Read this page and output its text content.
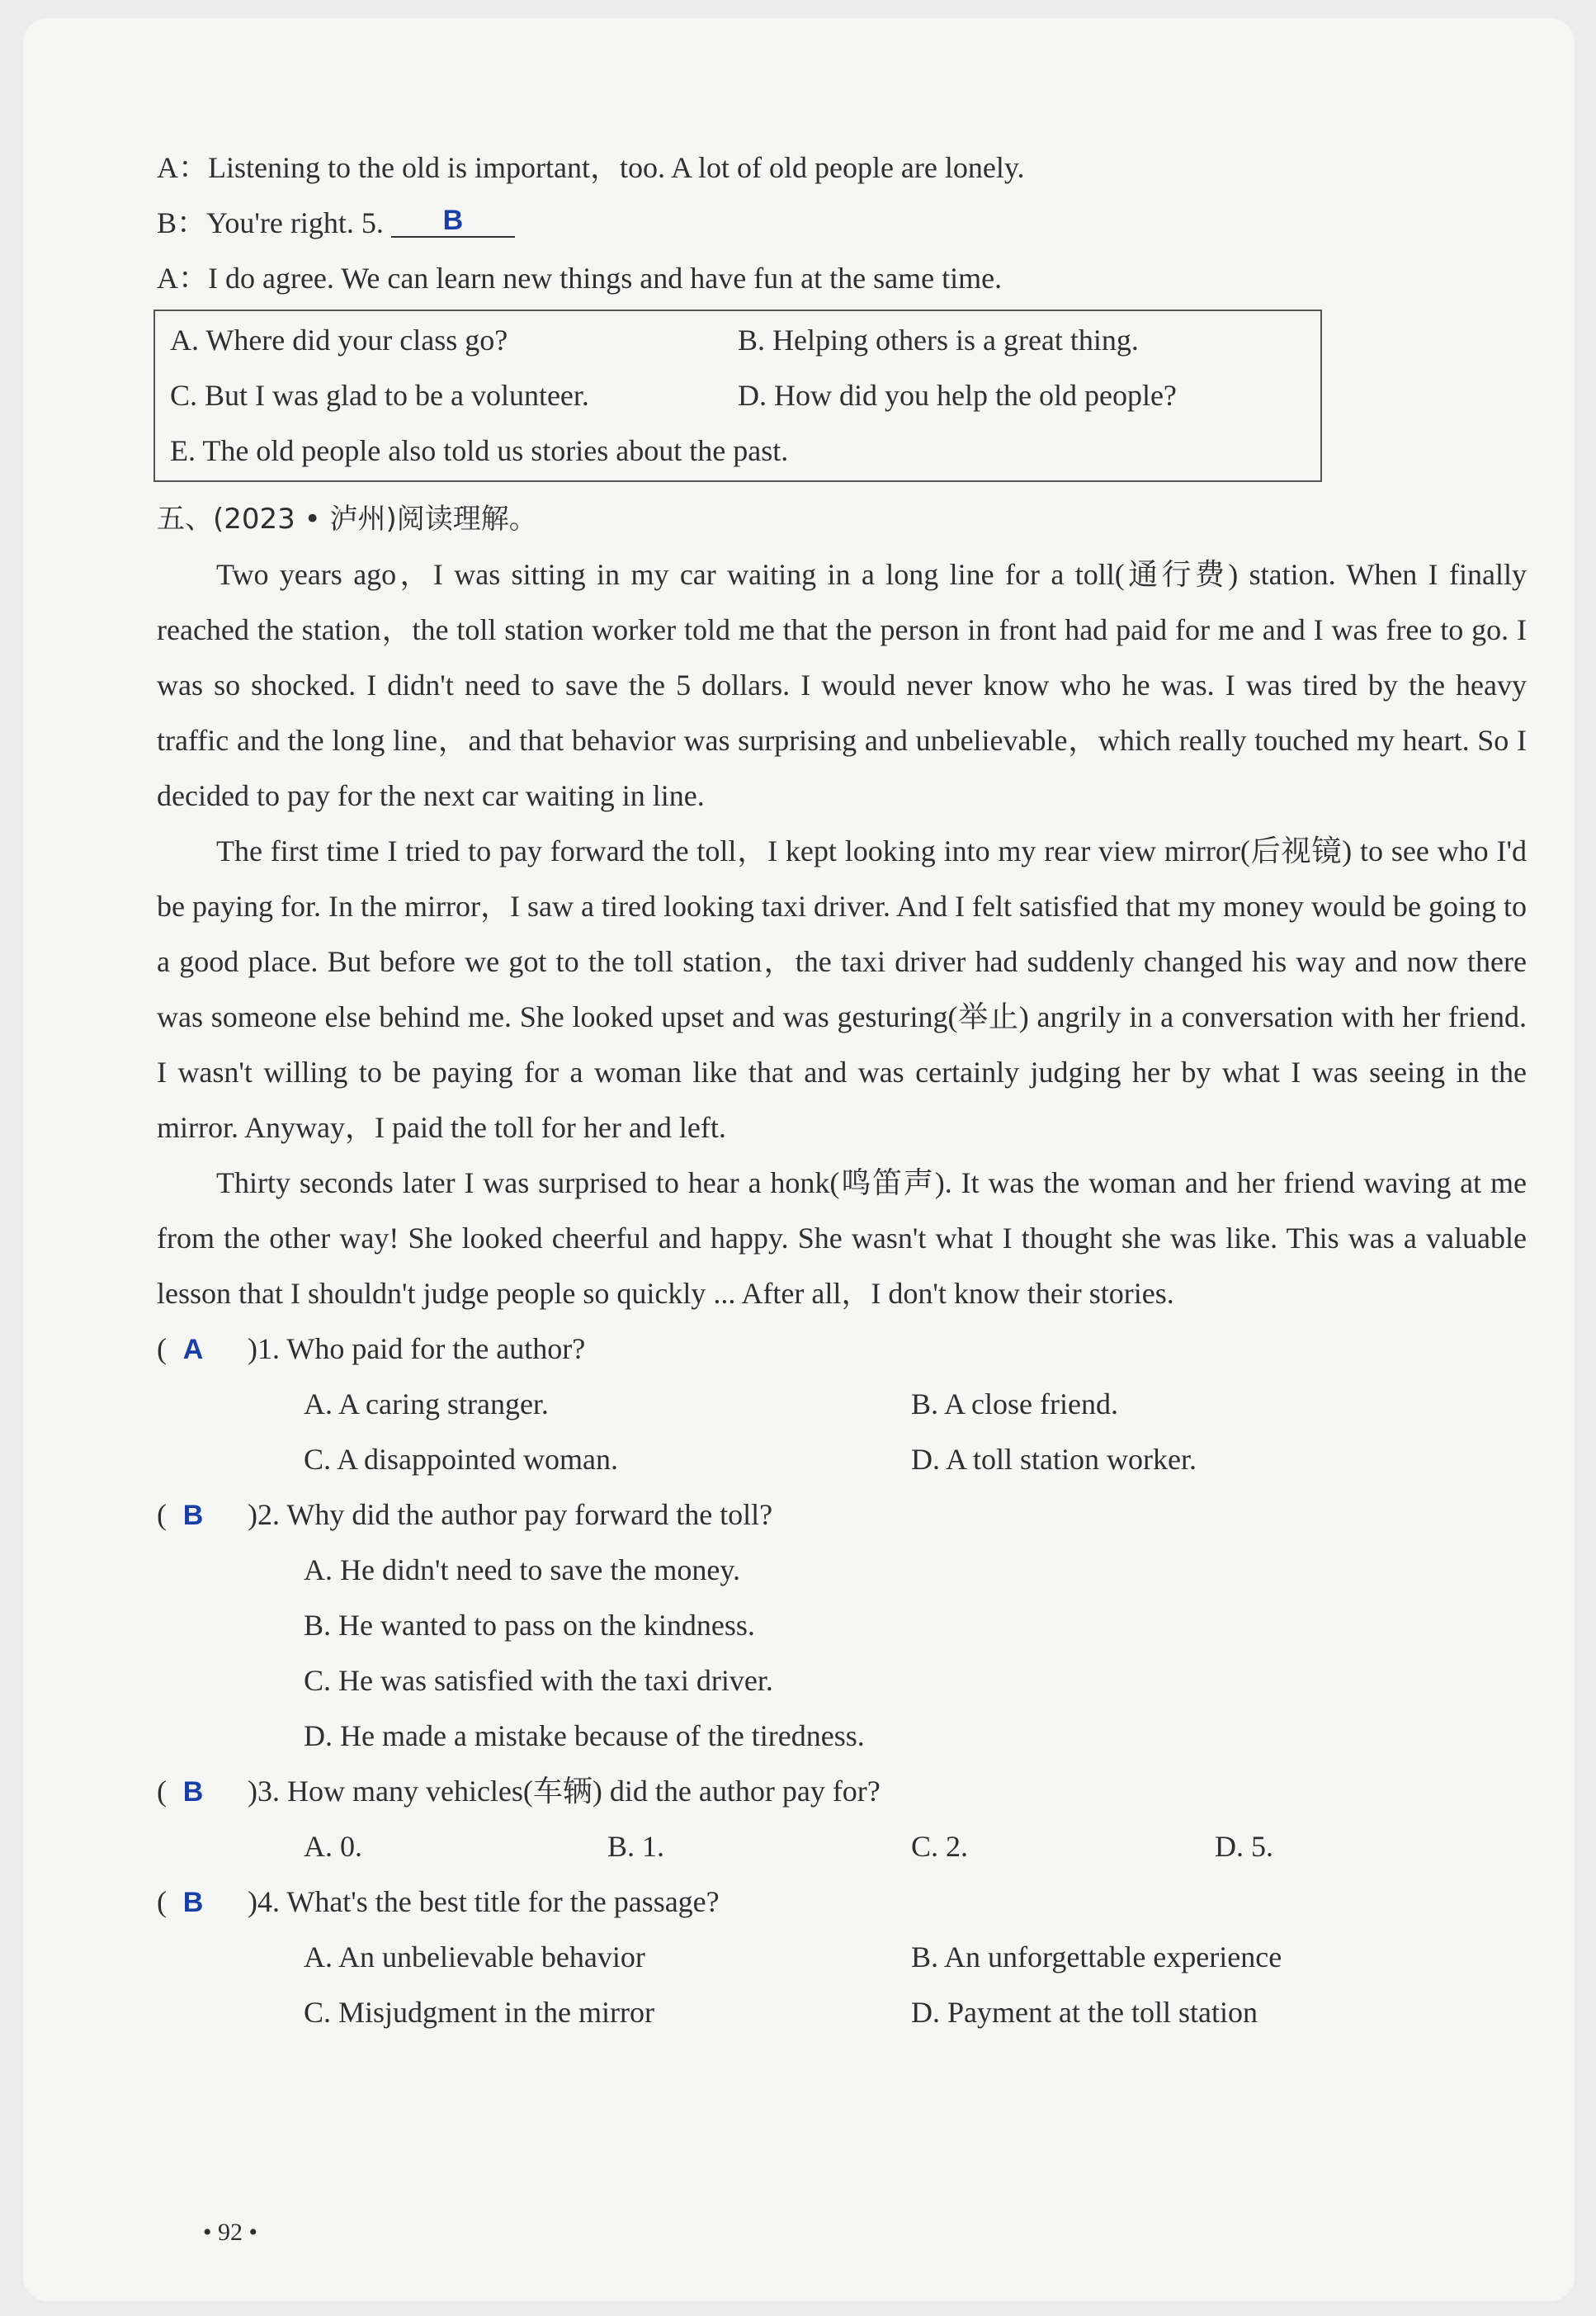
A：Listening to the old is important，too. A lot of old people are lonely.
B：You're right. 5. B
A：I do agree. We can learn new things and have fun at the same time.
A. Where did your class go?	B. Helping others is a great thing.
C. But I was glad to be a volunteer.	D. How did you help the old people?
E. The old people also told us stories about the past.
五、(2023 • 泸州)阅读理解。

Two years ago，I was sitting in my car waiting in a long line for a toll(通行费) station. When I finally reached the station，the toll station worker told me that the person in front had paid for me and I was free to go. I was so shocked. I didn't need to save the 5 dollars. I would never know who he was. I was tired by the heavy traffic and the long line，and that behavior was surprising and unbelievable，which really touched my heart. So I decided to pay for the next car waiting in line.

The first time I tried to pay forward the toll，I kept looking into my rear view mirror(后视镜) to see who I'd be paying for. In the mirror，I saw a tired looking taxi driver. And I felt satisfied that my money would be going to a good place. But before we got to the toll station，the taxi driver had suddenly changed his way and now there was someone else behind me. She looked upset and was gesturing(举止) angrily in a conversation with her friend. I wasn't willing to be paying for a woman like that and was certainly judging her by what I was seeing in the mirror. Anyway，I paid the toll for her and left.

Thirty seconds later I was surprised to hear a honk(鸣笛声). It was the woman and her friend waving at me from the other way! She looked cheerful and happy. She wasn't what I thought she was like. This was a valuable lesson that I shouldn't judge people so quickly ... After all，I don't know their stories.

( A )1. Who paid for the author?
A. A caring stranger.	B. A close friend.
C. A disappointed woman.	D. A toll station worker.
( B )2. Why did the author pay forward the toll?
A. He didn't need to save the money.
B. He wanted to pass on the kindness.
C. He was satisfied with the taxi driver.
D. He made a mistake because of the tiredness.
( B )3. How many vehicles(车辆) did the author pay for?
A. 0.	B. 1.	C. 2.	D. 5.
( B )4. What's the best title for the passage?
A. An unbelievable behavior	B. An unforgettable experience
C. Misjudgment in the mirror	D. Payment at the toll station
• 92 •
